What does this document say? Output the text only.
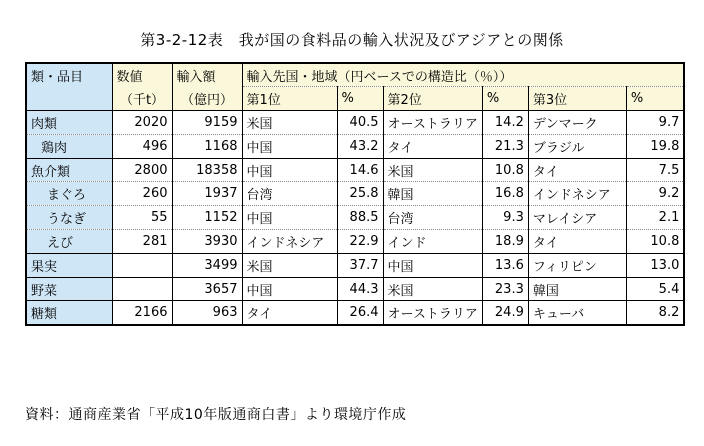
第3-2-12表　我が国の食料品の輸入状況及びアジアとの関係
類・品目	数値	輸入額	輸入先国・地域（円ベースでの構造比（％））					
	（千t）	（億円）	第1位	%	第2位	%	第3位	%
肉類	2020	9159	米国	40.5	オーストラリア	14.2	デンマーク	9.7
鶏肉	496	1168	中国	43.2	タイ	21.3	ブラジル	19.8
魚介類	2800	18358	中国	14.6	米国	10.8	タイ	7.5
まぐろ	260	1937	台湾	25.8	韓国	16.8	インドネシア	9.2
うなぎ	55	1152	中国	88.5	台湾	9.3	マレイシア	2.1
えび	281	3930	インドネシア	22.9	インド	18.9	タイ	10.8
果実		3499	米国	37.7	中国	13.6	フィリピン	13.0
野菜		3657	中国	44.3	米国	23.3	韓国	5.4
糖類	2166	963	タイ	26.4	オーストラリア	24.9	キューバ	8.2
資料：通商産業省「平成10年版通商白書」より環境庁作成
